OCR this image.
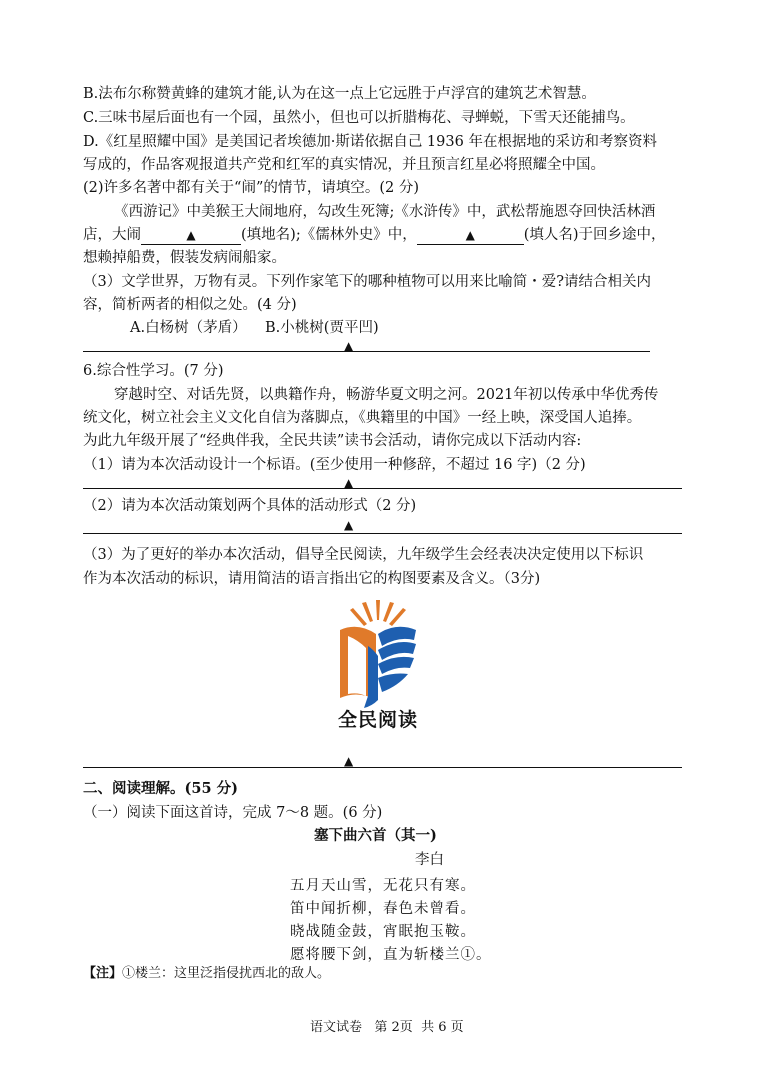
B.法布尔称赞黄蜂的建筑才能,认为在这一点上它远胜于卢浮宫的建筑艺术智慧。
C.三味书屋后面也有一个园，虽然小，但也可以折腊梅花、寻蝉蜕，下雪天还能捕鸟。
D.《红星照耀中国》是美国记者埃德加·斯诺依据自己 1936 年在根据地的采访和考察资料
写成的，作品客观报道共产党和红军的真实情况，并且预言红星必将照耀全中国。
(2)许多名著中都有关于“闹”的情节，请填空。(2 分)
《西游记》中美猴王大闹地府，勾改生死簿;《水浒传》中，武松帮施恩夺回快活林酒
店，大闹	▲	(填地名);《儒林外史》中，	▲	(填人名)于回乡途中，
想赖掉船费，假装发病闹船家。
（3）文学世界，万物有灵。下列作家笔下的哪种植物可以用来比喻简・爱?请结合相关内
容，简析两者的相似之处。(4 分)
A.白杨树（茅盾）    B.小桃树(贾平凹)
▲
6.综合性学习。(7 分)
穿越时空、对话先贤，以典籍作舟，畅游华夏文明之河。2021年初以传承中华优秀传
统文化，树立社会主义文化自信为落脚点，《典籍里的中国》一经上映，深受国人追捧。
为此九年级开展了“经典伴我，全民共读”读书会活动，请你完成以下活动内容:
（1）请为本次活动设计一个标语。(至少使用一种修辞，不超过 16 字)（2 分)
▲
（2）请为本次活动策划两个具体的活动形式（2 分)
▲
（3）为了更好的举办本次活动，倡导全民阅读，九年级学生会经表决决定使用以下标识
作为本次活动的标识，请用简洁的语言指出它的构图要素及含义。（3分)
全民阅读
▲
二、阅读理解。(55 分)
（一）阅读下面这首诗，完成 7～8 题。(6 分)
塞下曲六首（其一)
李白
五月天山雪，无花只有寒。
笛中闻折柳，春色未曾看。
晓战随金鼓，宵眠抱玉鞍。
愿将腰下剑，直为斩楼兰①。
【注】①楼兰：这里泛指侵扰西北的敌人。
语文试卷   第 2页  共 6 页
